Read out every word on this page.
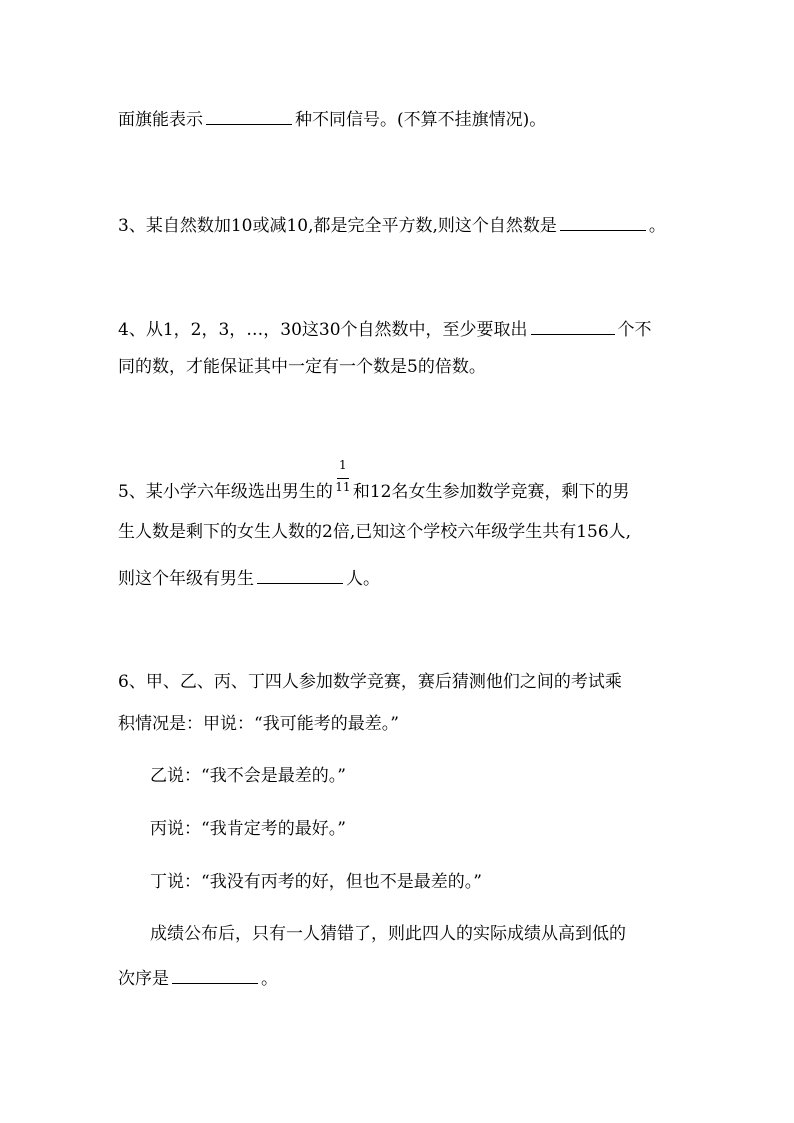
面旗能表示	种不同信号。(不算不挂旗情况)。
3、某自然数加10或减10,都是完全平方数,则这个自然数是	。
4、从1，2，3，…，30这30个自然数中，至少要取出	个不
同的数，才能保证其中一定有一个数是5的倍数。
5、某小学六年级选出男生的 $\frac{1}{11}$ 和12名女生参加数学竞赛，剩下的男
生人数是剩下的女生人数的2倍,已知这个学校六年级学生共有156人,
则这个年级有男生	人。
6、甲、乙、丙、丁四人参加数学竞赛，赛后猜测他们之间的考试乘
积情况是：甲说：“我可能考的最差。”
乙说：“我不会是最差的。”
丙说：“我肯定考的最好。”
丁说：“我没有丙考的好，但也不是最差的。”
成绩公布后，只有一人猜错了，则此四人的实际成绩从高到低的
次序是	。
